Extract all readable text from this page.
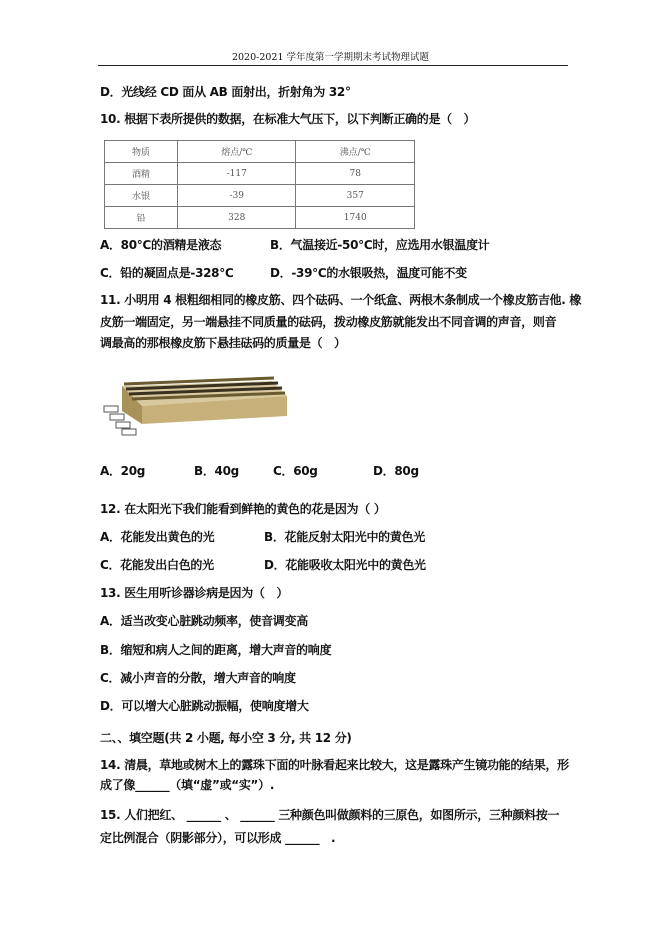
2020-2021 学年度第一学期期末考试物理试题
D．光线经 CD 面从 AB 面射出，折射角为 32°
10. 根据下表所提供的数据，在标准大气压下，以下判断正确的是（　）
物质	熔点/℃	沸点/℃
酒精	-117	78
水银	-39	357
铅	328	1740
A．80℃的酒精是液态	B．气温接近-50℃时，应选用水银温度计
C．铅的凝固点是-328℃	D．-39℃的水银吸热，温度可能不变
11. 小明用 4 根粗细相同的橡皮筋、四个砝码、一个纸盒、两根木条制成一个橡皮筋吉他. 橡
皮筋一端固定，另一端悬挂不同质量的砝码，拨动橡皮筋就能发出不同音调的声音，则音
调最高的那根橡皮筋下悬挂砝码的质量是（　）
A．20g	B．40g	C．60g	D．80g
12. 在太阳光下我们能看到鲜艳的黄色的花是因为（ ）
A．花能发出黄色的光	B．花能反射太阳光中的黄色光
C．花能发出白色的光	D．花能吸收太阳光中的黄色光
13. 医生用听诊器诊病是因为（　）
A．适当改变心脏跳动频率，使音调变高
B．缩短和病人之间的距离，增大声音的响度
C．减小声音的分散，增大声音的响度
D．可以增大心脏跳动振幅，使响度增大
二、、填空题(共 2 小题, 每小空 3 分, 共 12 分)
14. 清晨，草地或树木上的露珠下面的叶脉看起来比较大，这是露珠产生镜功能的结果，形
成了像______（填“虚”或“实”）.
15. 人们把红、 ______ 、 ______ 三种颜色叫做颜料的三原色，如图所示，三种颜料按一
定比例混合（阴影部分），可以形成 ______　.
